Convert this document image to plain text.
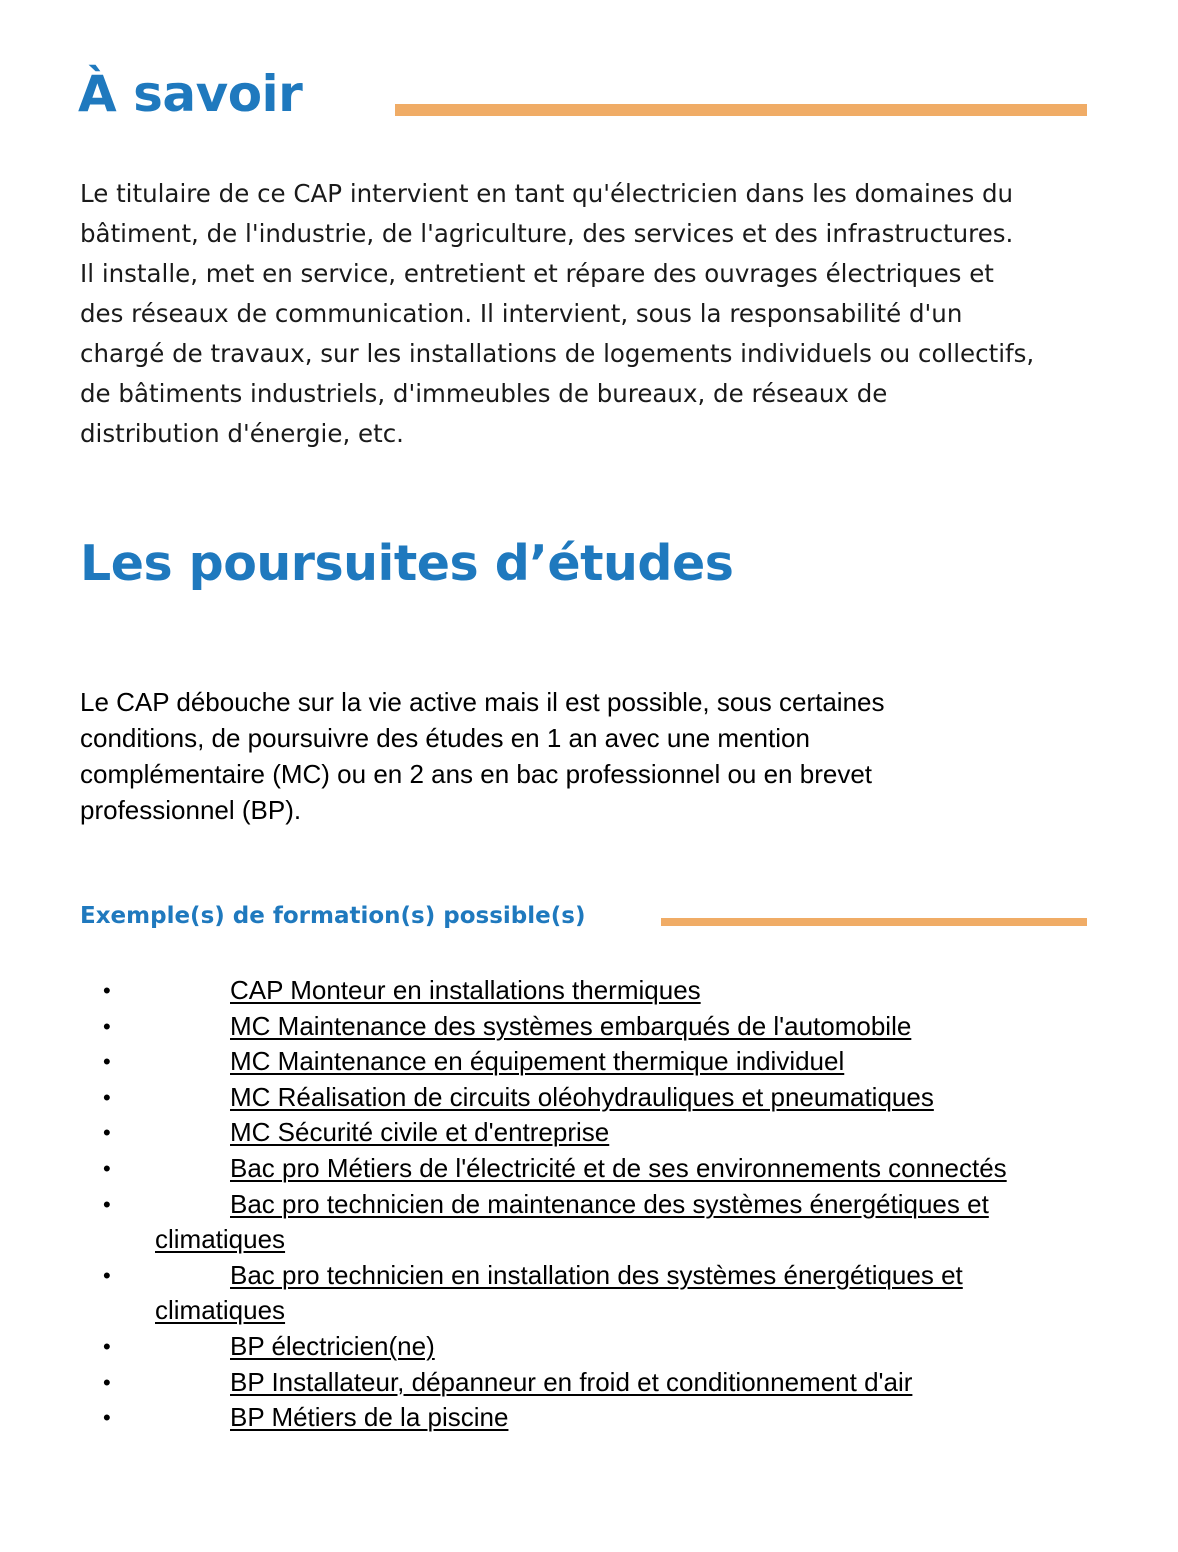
À savoir

Le titulaire de ce CAP intervient en tant qu'électricien dans les domaines du
bâtiment, de l'industrie, de l'agriculture, des services et des infrastructures.
Il installe, met en service, entretient et répare des ouvrages électriques et
des réseaux de communication. Il intervient, sous la responsabilité d'un
chargé de travaux, sur les installations de logements individuels ou collectifs,
de bâtiments industriels, d'immeubles de bureaux, de réseaux de
distribution d'énergie, etc.

Les poursuites d’études

Le CAP débouche sur la vie active mais il est possible, sous certaines
conditions, de poursuivre des études en 1 an avec une mention
complémentaire (MC) ou en 2 ans en bac professionnel ou en brevet
professionnel (BP).

Exemple(s) de formation(s) possible(s)
•	CAP Monteur en installations thermiques
•	MC Maintenance des systèmes embarqués de l'automobile
•	MC Maintenance en équipement thermique individuel
•	MC Réalisation de circuits oléohydrauliques et pneumatiques
•	MC Sécurité civile et d'entreprise
•	Bac pro Métiers de l'électricité et de ses environnements connectés
•	Bac pro technicien de maintenance des systèmes énergétiques et climatiques
•	Bac pro technicien en installation des systèmes énergétiques et climatiques
•	BP électricien(ne)
•	BP Installateur, dépanneur en froid et conditionnement d'air
•	BP Métiers de la piscine
